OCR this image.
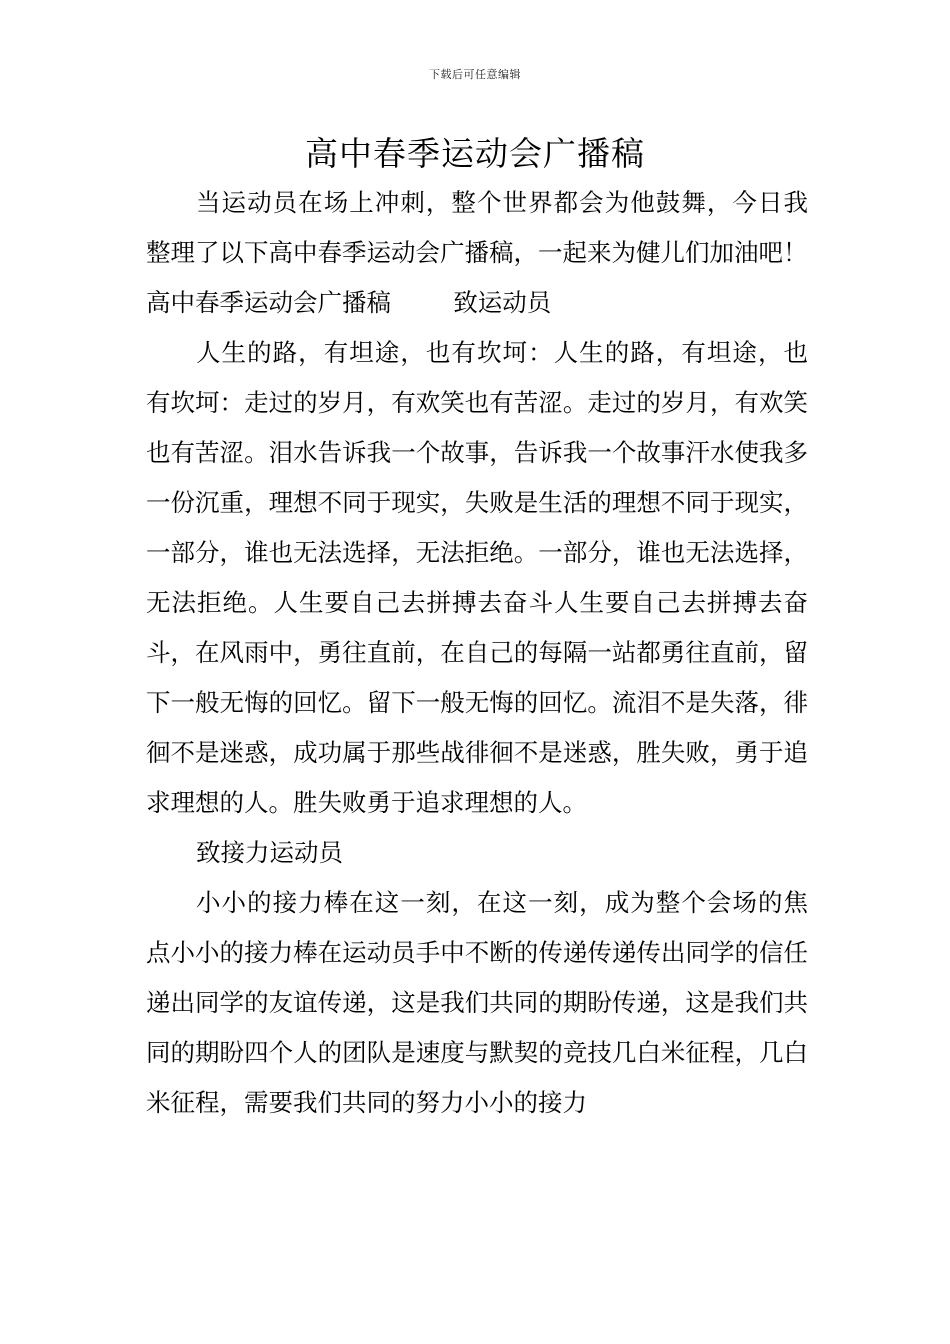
下载后可任意编辑
高中春季运动会广播稿

当运动员在场上冲刺，整个世界都会为他鼓舞，今日我整理了以下高中春季运动会广播稿，一起来为健儿们加油吧！

高中春季运动会广播稿	致运动员

人生的路，有坦途，也有坎坷：人生的路，有坦途，也有坎坷：走过的岁月，有欢笑也有苦涩。走过的岁月，有欢笑也有苦涩。泪水告诉我一个故事，告诉我一个故事汗水使我多一份沉重，理想不同于现实，失败是生活的理想不同于现实，一部分，谁也无法选择，无法拒绝。一部分，谁也无法选择，无法拒绝。人生要自己去拼搏去奋斗人生要自己去拼搏去奋斗，在风雨中，勇往直前，在自己的每隔一站都勇往直前，留下一般无悔的回忆。留下一般无悔的回忆。流泪不是失落，徘徊不是迷惑，成功属于那些战徘徊不是迷惑，胜失败，勇于追求理想的人。胜失败勇于追求理想的人。

致接力运动员

小小的接力棒在这一刻，在这一刻，成为整个会场的焦点小小的接力棒在运动员手中不断的传递传递传出同学的信任递出同学的友谊传递，这是我们共同的期盼传递，这是我们共同的期盼四个人的团队是速度与默契的竞技几白米征程，几白米征程，需要我们共同的努力小小的接力
